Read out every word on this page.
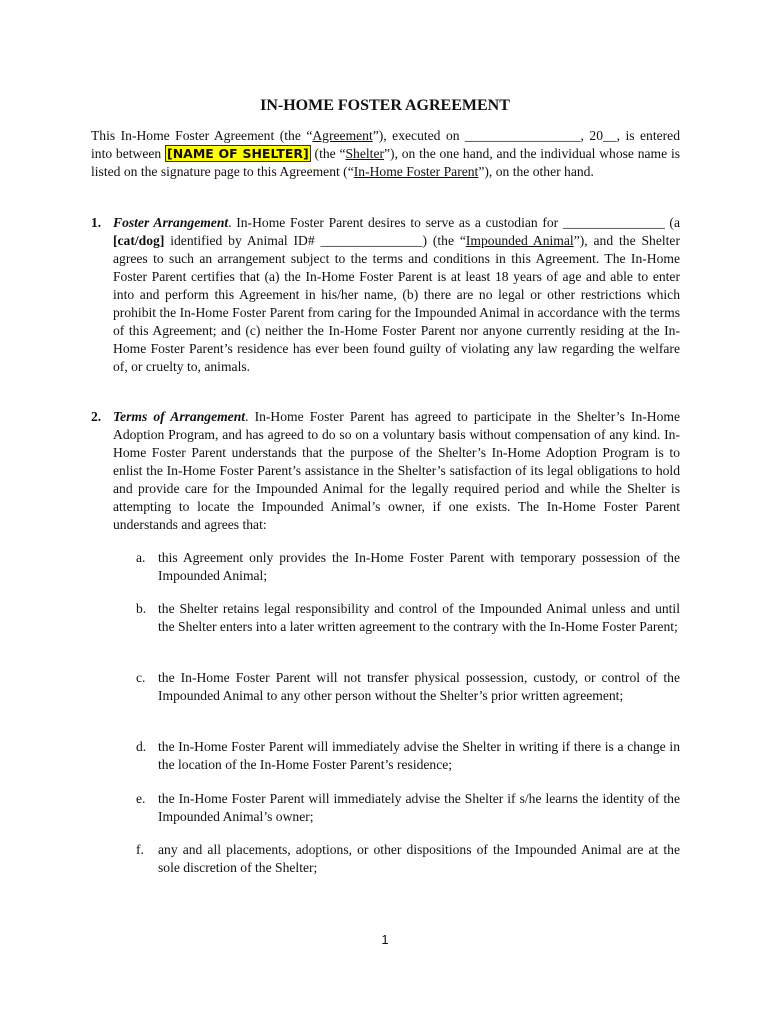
IN-HOME FOSTER AGREEMENT

This In-Home Foster Agreement (the “Agreement”), executed on _________________, 20__, is entered into between [NAME OF SHELTER] (the “Shelter”), on the one hand, and the individual whose name is listed on the signature page to this Agreement (“In-Home Foster Parent”), on the other hand.

1. Foster Arrangement. In-Home Foster Parent desires to serve as a custodian for _______________ (a [cat/dog] identified by Animal ID# _______________) (the “Impounded Animal”), and the Shelter agrees to such an arrangement subject to the terms and conditions in this Agreement. The In-Home Foster Parent certifies that (a) the In-Home Foster Parent is at least 18 years of age and able to enter into and perform this Agreement in his/her name, (b) there are no legal or other restrictions which prohibit the In-Home Foster Parent from caring for the Impounded Animal in accordance with the terms of this Agreement; and (c) neither the In-Home Foster Parent nor anyone currently residing at the In-Home Foster Parent’s residence has ever been found guilty of violating any law regarding the welfare of, or cruelty to, animals.
2. Terms of Arrangement. In-Home Foster Parent has agreed to participate in the Shelter’s In-Home Adoption Program, and has agreed to do so on a voluntary basis without compensation of any kind. In-Home Foster Parent understands that the purpose of the Shelter’s In-Home Adoption Program is to enlist the In-Home Foster Parent’s assistance in the Shelter’s satisfaction of its legal obligations to hold and provide care for the Impounded Animal for the legally required period and while the Shelter is attempting to locate the Impounded Animal’s owner, if one exists. The In-Home Foster Parent understands and agrees that:
a. this Agreement only provides the In-Home Foster Parent with temporary possession of the Impounded Animal;
b. the Shelter retains legal responsibility and control of the Impounded Animal unless and until the Shelter enters into a later written agreement to the contrary with the In-Home Foster Parent;
c. the In-Home Foster Parent will not transfer physical possession, custody, or control of the Impounded Animal to any other person without the Shelter’s prior written agreement;
d. the In-Home Foster Parent will immediately advise the Shelter in writing if there is a change in the location of the In-Home Foster Parent’s residence;
e. the In-Home Foster Parent will immediately advise the Shelter if s/he learns the identity of the Impounded Animal’s owner;
f. any and all placements, adoptions, or other dispositions of the Impounded Animal are at the sole discretion of the Shelter;
1
